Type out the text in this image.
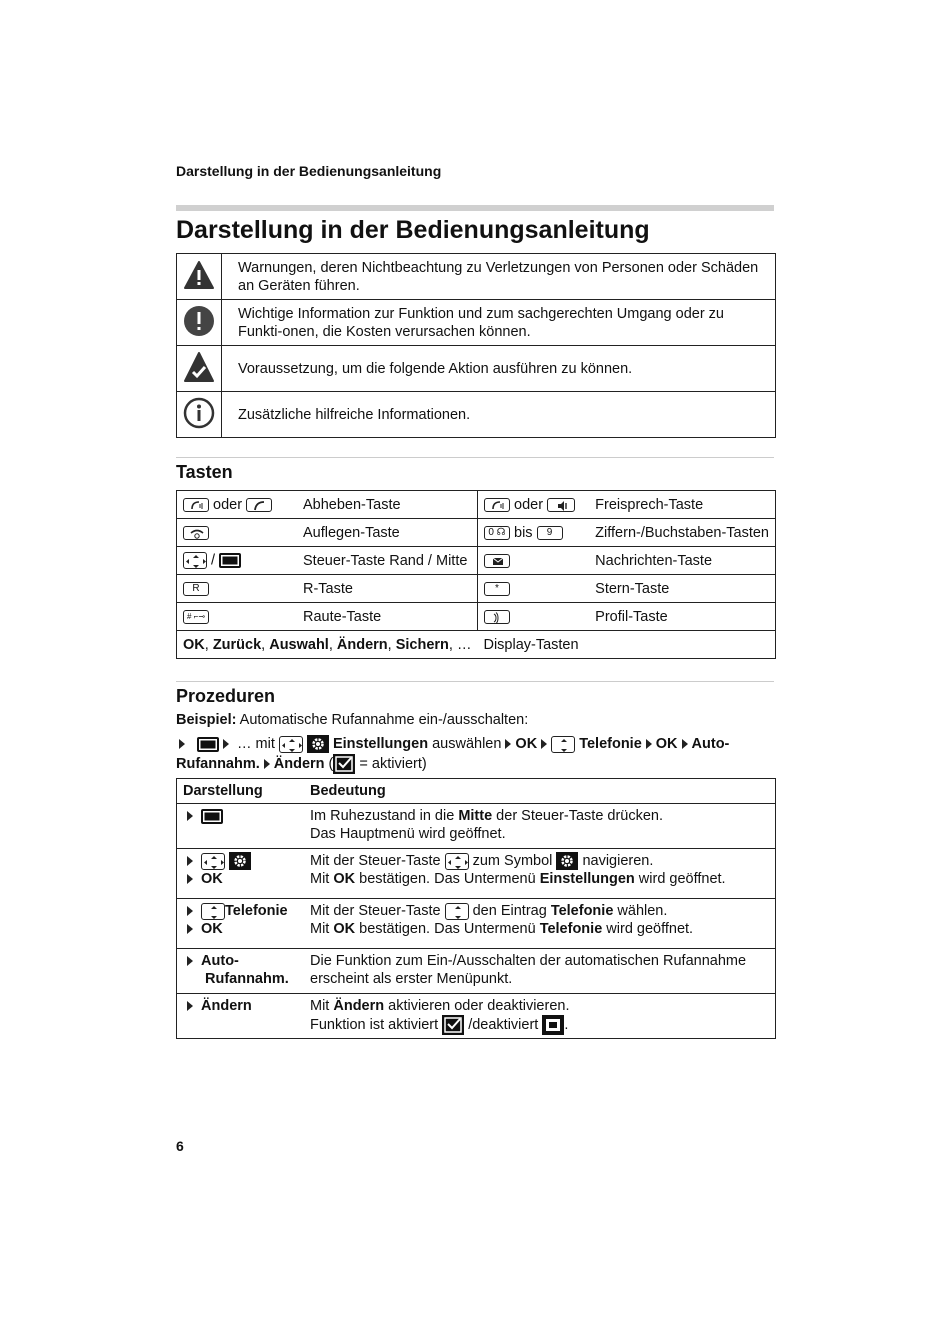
Darstellung in der Bedienungsanleitung
Darstellung in der Bedienungsanleitung
	Warnungen, deren Nichtbeachtung zu Verletzungen von Personen oder Schäden an Geräten führen.
	Wichtige Information zur Funktion und zum sachgerechten Umgang oder zu Funkti-onen, die Kosten verursachen können.
	Voraussetzung, um die folgende Aktion ausführen zu können.
	Zusätzliche hilfreiche Informationen.
Tasten
oder	Abheben-Taste	oder	Freisprech-Taste

	Auflegen-Taste	0 ☊ bis 9	Ziffern-/Buchstaben-Tasten

/	Steuer-Taste Rand / Mitte		Nachrichten-Taste
R	R-Taste	*	Stern-Taste
# ⌐⊸	Raute-Taste		Profil-Taste
OK, Zurück, Auswahl, Ändern, Sichern, …		Display-Tasten	
Prozeduren
Beispiel: Automatische Rufannahme ein-/ausschalten:
… mit
	Einstellungen auswählen OK	Telefonie OK Auto-Rufannahm. Ändern ( = aktiviert)
Darstellung	Bedeutung

	Im Ruhezustand in die Mitte der Steuer-Taste drücken.
Das Hauptmenü wird geöffnet.

OK	Mit der Steuer-Taste
zum Symbol
navigieren.
Mit OK bestätigen. Das Untermenü Einstellungen wird geöffnet.

Telefonie
OK	Mit der Steuer-Taste
den Eintrag Telefonie wählen.
Mit OK bestätigen. Das Untermenü Telefonie wird geöffnet.

Auto-
Rufannahm.	Die Funktion zum Ein-/Ausschalten der automatischen Rufannahme
erscheint als erster Menüpunkt.

Ändern	Mit Ändern aktivieren oder deaktivieren.
Funktion ist aktiviert
/deaktiviert
.
6
